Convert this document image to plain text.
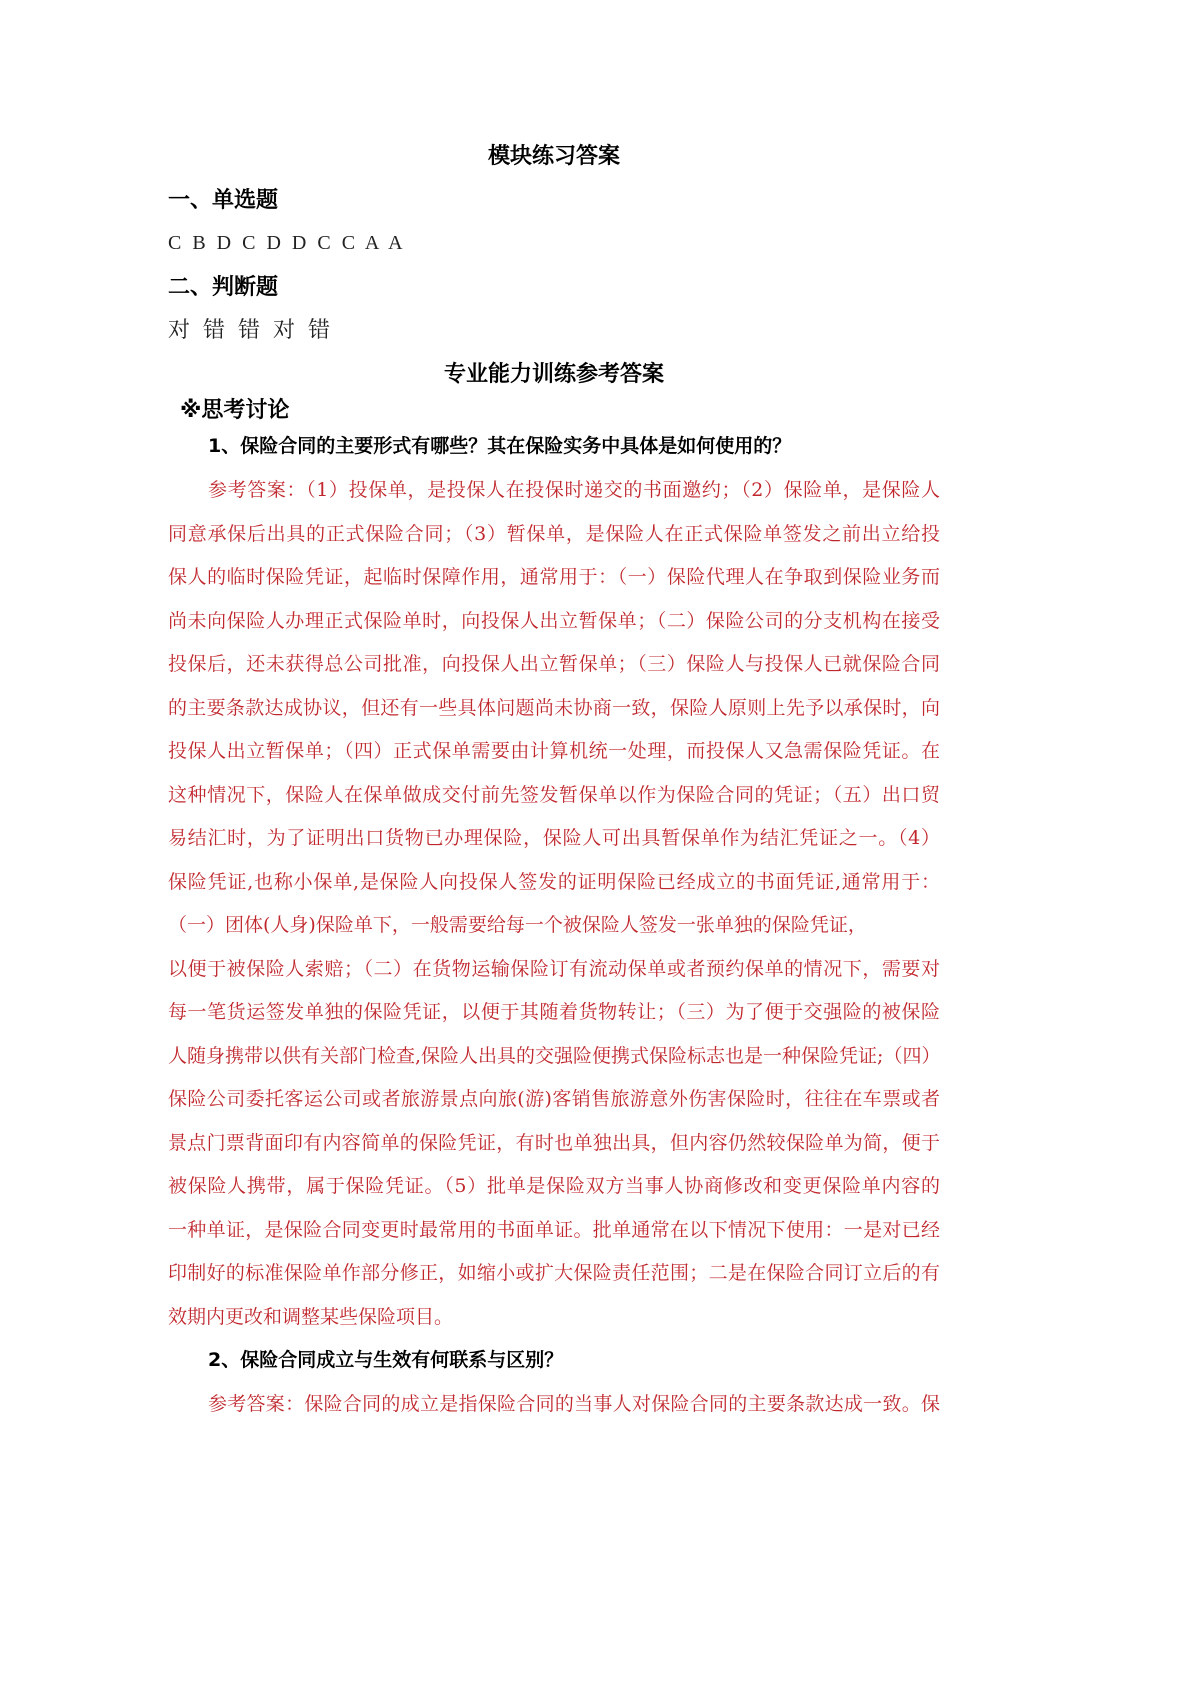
模块练习答案
一、单选题
C B D C D D C C A A
二、判断题
对 错 错 对 错
专业能力训练参考答案
※思考讨论
1、保险合同的主要形式有哪些？其在保险实务中具体是如何使用的？
参考答案：（1）投保单，是投保人在投保时递交的书面邀约；（2）保险单，是保险人
同意承保后出具的正式保险合同；（3）暂保单，是保险人在正式保险单签发之前出立给投
保人的临时保险凭证，起临时保障作用，通常用于：（一）保险代理人在争取到保险业务而
尚未向保险人办理正式保险单时，向投保人出立暂保单；（二）保险公司的分支机构在接受
投保后，还未获得总公司批准，向投保人出立暂保单；（三）保险人与投保人已就保险合同
的主要条款达成协议，但还有一些具体问题尚未协商一致，保险人原则上先予以承保时，向
投保人出立暂保单；（四）正式保单需要由计算机统一处理，而投保人又急需保险凭证。在
这种情况下，保险人在保单做成交付前先签发暂保单以作为保险合同的凭证；（五）出口贸
易结汇时，为了证明出口货物已办理保险，保险人可出具暂保单作为结汇凭证之一。（4）
保险凭证,也称小保单,是保险人向投保人签发的证明保险已经成立的书面凭证,通常用于：
（一）团体(人身)保险单下，一般需要给每一个被保险人签发一张单独的保险凭证，
以便于被保险人索赔；（二）在货物运输保险订有流动保单或者预约保单的情况下，需要对
每一笔货运签发单独的保险凭证，以便于其随着货物转让；（三）为了便于交强险的被保险
人随身携带以供有关部门检查,保险人出具的交强险便携式保险标志也是一种保险凭证;（四）
保险公司委托客运公司或者旅游景点向旅(游)客销售旅游意外伤害保险时，往往在车票或者
景点门票背面印有内容简单的保险凭证，有时也单独出具，但内容仍然较保险单为简，便于
被保险人携带，属于保险凭证。（5）批单是保险双方当事人协商修改和变更保险单内容的
一种单证，是保险合同变更时最常用的书面单证。批单通常在以下情况下使用：一是对已经
印制好的标准保险单作部分修正，如缩小或扩大保险责任范围；二是在保险合同订立后的有
效期内更改和调整某些保险项目。
2、保险合同成立与生效有何联系与区别？
参考答案：保险合同的成立是指保险合同的当事人对保险合同的主要条款达成一致。保
